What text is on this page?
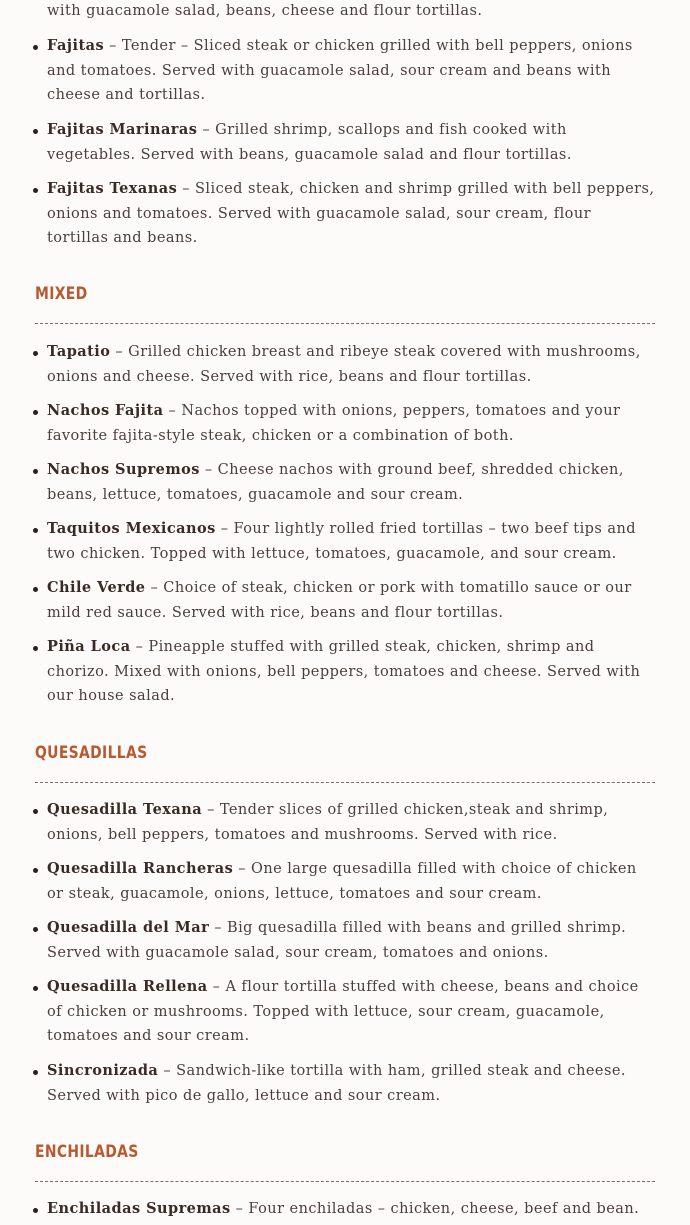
with guacamole salad, beans, cheese and flour tortillas.
Fajitas – Tender – Sliced steak or chicken grilled with bell peppers, onions and tomatoes. Served with guacamole salad, sour cream and beans with cheese and tortillas.
Fajitas Marinaras – Grilled shrimp, scallops and fish cooked with vegetables. Served with beans, guacamole salad and flour tortillas.
Fajitas Texanas – Sliced steak, chicken and shrimp grilled with bell peppers, onions and tomatoes. Served with guacamole salad, sour cream, flour tortillas and beans.
MIXED
Tapatio – Grilled chicken breast and ribeye steak covered with mushrooms, onions and cheese. Served with rice, beans and flour tortillas.
Nachos Fajita – Nachos topped with onions, peppers, tomatoes and your favorite fajita-style steak, chicken or a combination of both.
Nachos Supremos – Cheese nachos with ground beef, shredded chicken, beans, lettuce, tomatoes, guacamole and sour cream.
Taquitos Mexicanos – Four lightly rolled fried tortillas – two beef tips and two chicken. Topped with lettuce, tomatoes, guacamole, and sour cream.
Chile Verde – Choice of steak, chicken or pork with tomatillo sauce or our mild red sauce. Served with rice, beans and flour tortillas.
Piña Loca – Pineapple stuffed with grilled steak, chicken, shrimp and chorizo. Mixed with onions, bell peppers, tomatoes and cheese. Served with our house salad.
QUESADILLAS
Quesadilla Texana – Tender slices of grilled chicken,steak and shrimp, onions, bell peppers, tomatoes and mushrooms. Served with rice.
Quesadilla Rancheras – One large quesadilla filled with choice of chicken or steak, guacamole, onions, lettuce, tomatoes and sour cream.
Quesadilla del Mar – Big quesadilla filled with beans and grilled shrimp. Served with guacamole salad, sour cream, tomatoes and onions.
Quesadilla Rellena – A flour tortilla stuffed with cheese, beans and choice of chicken or mushrooms. Topped with lettuce, sour cream, guacamole, tomatoes and sour cream.
Sincronizada – Sandwich-like tortilla with ham, grilled steak and cheese. Served with pico de gallo, lettuce and sour cream.
ENCHILADAS
Enchiladas Supremas – Four enchiladas – chicken, cheese, beef and bean.
